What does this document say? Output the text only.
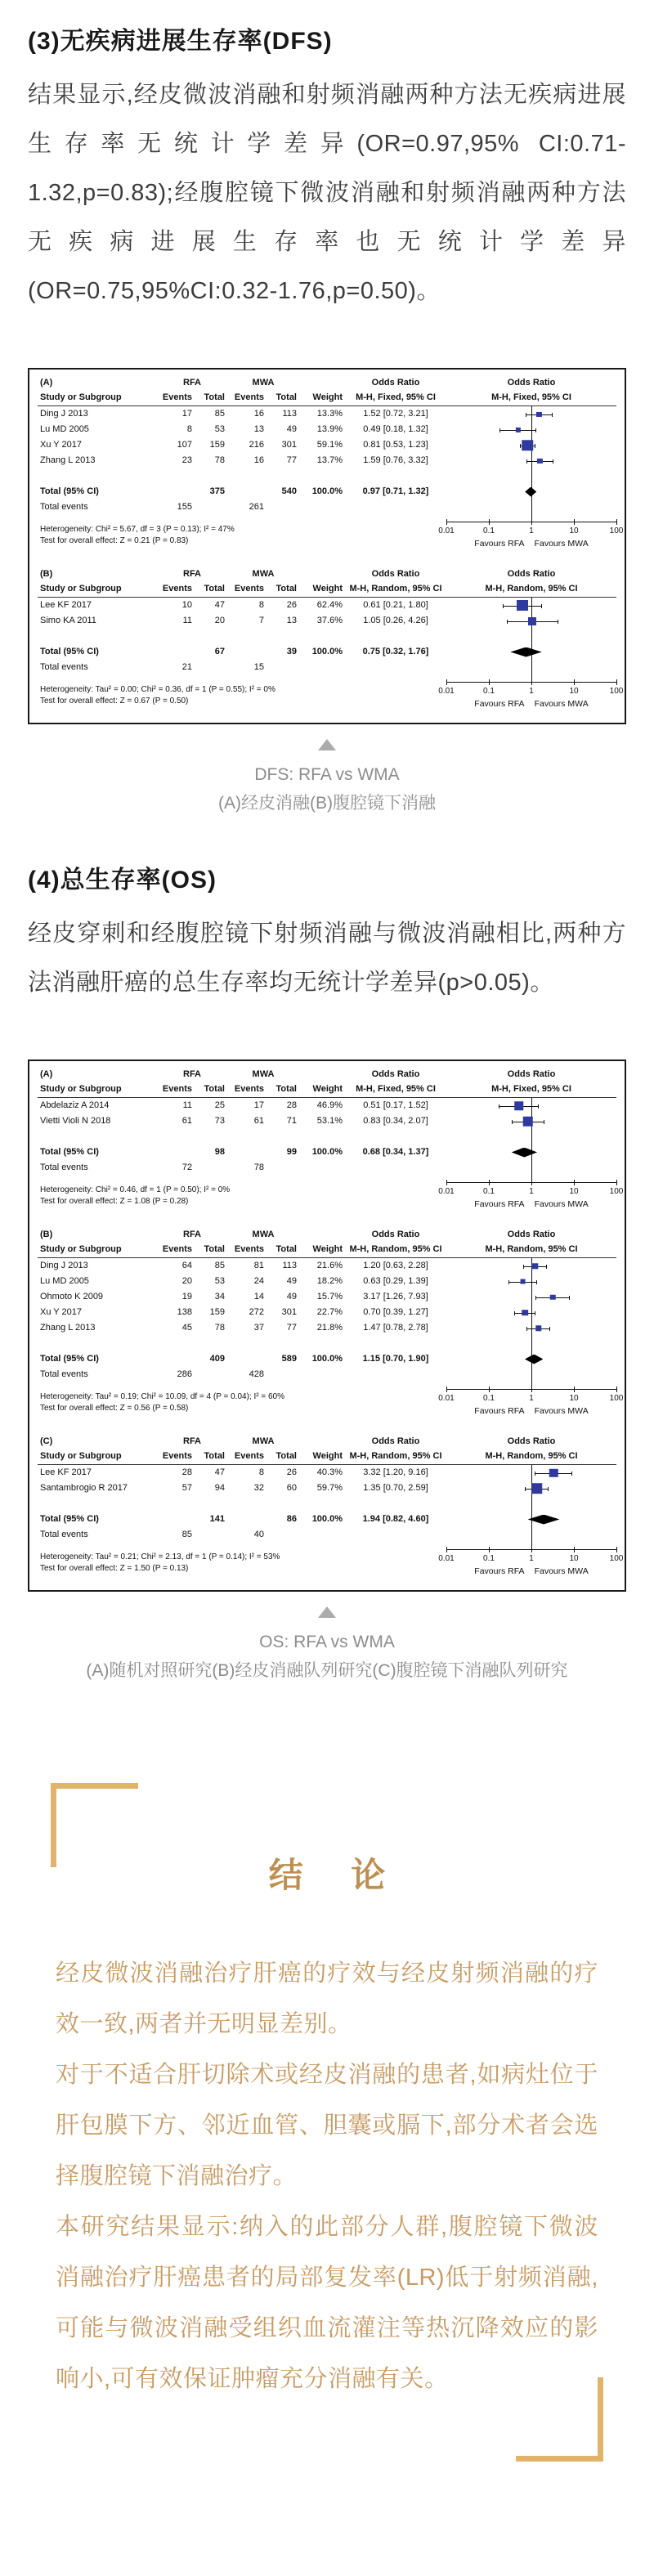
(3)无疾病进展生存率(DFS)

结果显示,经皮微波消融和射频消融两种方法无疾病进展生存率无统计学差异(OR=0.97,95% CI:0.71-1.32,p=0.83);经腹腔镜下微波消融和射频消融两种方法无疾病进展生存率也无统计学差异(OR=0.75,95%CI:0.32-1.76,p=0.50)。

(A)	RFA	MWA	Odds Ratio	Odds Ratio
Study or Subgroup	Events	Total	Events	Total	Weight	M-H, Fixed, 95% CI	M-H, Fixed, 95% CI
Ding J 2013	17	85	16	113	13.3%	1.52 [0.72, 3.21]
Lu MD 2005	8	53	13	49	13.9%	0.49 [0.18, 1.32]
Xu Y 2017	107	159	216	301	59.1%	0.81 [0.53, 1.23]
Zhang L 2013	23	78	16	77	13.7%	1.59 [0.76, 3.32]
Total (95% CI)	375	540	100.0%	0.97 [0.71, 1.32]
Total events	155	261
Heterogeneity: Chi² = 5.67, df = 3 (P = 0.13); I² = 47%
Test for overall effect: Z = 0.21 (P = 0.83)
0.01	0.1	1	10	100
Favours RFA Favours MWA
(B)	RFA	MWA	Odds Ratio	Odds Ratio
Study or Subgroup	Events	Total	Events	Total	Weight M-H, Random, 95% CI	M-H, Random, 95% CI
Lee KF 2017	10	47	8	26	62.4%	0.61 [0.21, 1.80]
Simo KA 2011	11	20	7	13	37.6%	1.05 [0.26, 4.26]
Total (95% CI)	67	39	100.0%	0.75 [0.32, 1.76]
Total events	21	15
Heterogeneity: Tau² = 0.00; Chi² = 0.36, df = 1 (P = 0.55); I² = 0%
Test for overall effect: Z = 0.67 (P = 0.50)
0.01	0.1	1	10	100
Favours RFA Favours MWA
DFS: RFA vs WMA
(A)经皮消融(B)腹腔镜下消融
(4)总生存率(OS)

经皮穿刺和经腹腔镜下射频消融与微波消融相比,两种方法消融肝癌的总生存率均无统计学差异(p>0.05)。

(A)	RFA	MWA	Odds Ratio	Odds Ratio
Study or Subgroup	Events	Total	Events	Total	Weight	M-H, Fixed, 95% CI	M-H, Fixed, 95% CI
Abdelaziz A 2014	11	25	17	28	46.9%	0.51 [0.17, 1.52]
Vietti Violi N 2018	61	73	61	71	53.1%	0.83 [0.34, 2.07]
Total (95% CI)	98	99	100.0%	0.68 [0.34, 1.37]
Total events	72	78
Heterogeneity: Chi² = 0.46, df = 1 (P = 0.50); I² = 0%
Test for overall effect: Z = 1.08 (P = 0.28)
0.01	0.1	1	10	100
Favours RFA Favours MWA
(B)	RFA	MWA	Odds Ratio	Odds Ratio
Study or Subgroup	Events	Total	Events	Total	Weight M-H, Random, 95% CI	M-H, Random, 95% CI
Ding J 2013	64	85	81	113	21.6%	1.20 [0.63, 2.28]
Lu MD 2005	20	53	24	49	18.2%	0.63 [0.29, 1.39]
Ohmoto K 2009	19	34	14	49	15.7%	3.17 [1.26, 7.93]
Xu Y 2017	138	159	272	301	22.7%	0.70 [0.39, 1.27]
Zhang L 2013	45	78	37	77	21.8%	1.47 [0.78, 2.78]
Total (95% CI)	409	589	100.0%	1.15 [0.70, 1.90]
Total events	286	428
Heterogeneity: Tau² = 0.19; Chi² = 10.09, df = 4 (P = 0.04); I² = 60%
Test for overall effect: Z = 0.56 (P = 0.58)
0.01	0.1	1	10	100
Favours RFA Favours MWA
(C)	RFA	MWA	Odds Ratio	Odds Ratio
Study or Subgroup	Events	Total	Events	Total	Weight M-H, Random, 95% CI	M-H, Random, 95% CI
Lee KF 2017	28	47	8	26	40.3%	3.32 [1.20, 9.16]
Santambrogio R 2017	57	94	32	60	59.7%	1.35 [0.70, 2.59]
Total (95% CI)	141	86	100.0%	1.94 [0.82, 4.60]
Total events	85	40
Heterogeneity: Tau² = 0.21; Chi² = 2.13, df = 1 (P = 0.14); I² = 53%
Test for overall effect: Z = 1.50 (P = 0.13)
0.01	0.1	1	10	100
Favours RFA Favours MWA
OS: RFA vs WMA
(A)随机对照研究(B)经皮消融队列研究(C)腹腔镜下消融队列研究
结 论

经皮微波消融治疗肝癌的疗效与经皮射频消融的疗效一致,两者并无明显差别。

对于不适合肝切除术或经皮消融的患者,如病灶位于肝包膜下方、邻近血管、胆囊或膈下,部分术者会选择腹腔镜下消融治疗。

本研究结果显示:纳入的此部分人群,腹腔镜下微波消融治疗肝癌患者的局部复发率(LR)低于射频消融,可能与微波消融受组织血流灌注等热沉降效应的影响小,可有效保证肿瘤充分消融有关。
